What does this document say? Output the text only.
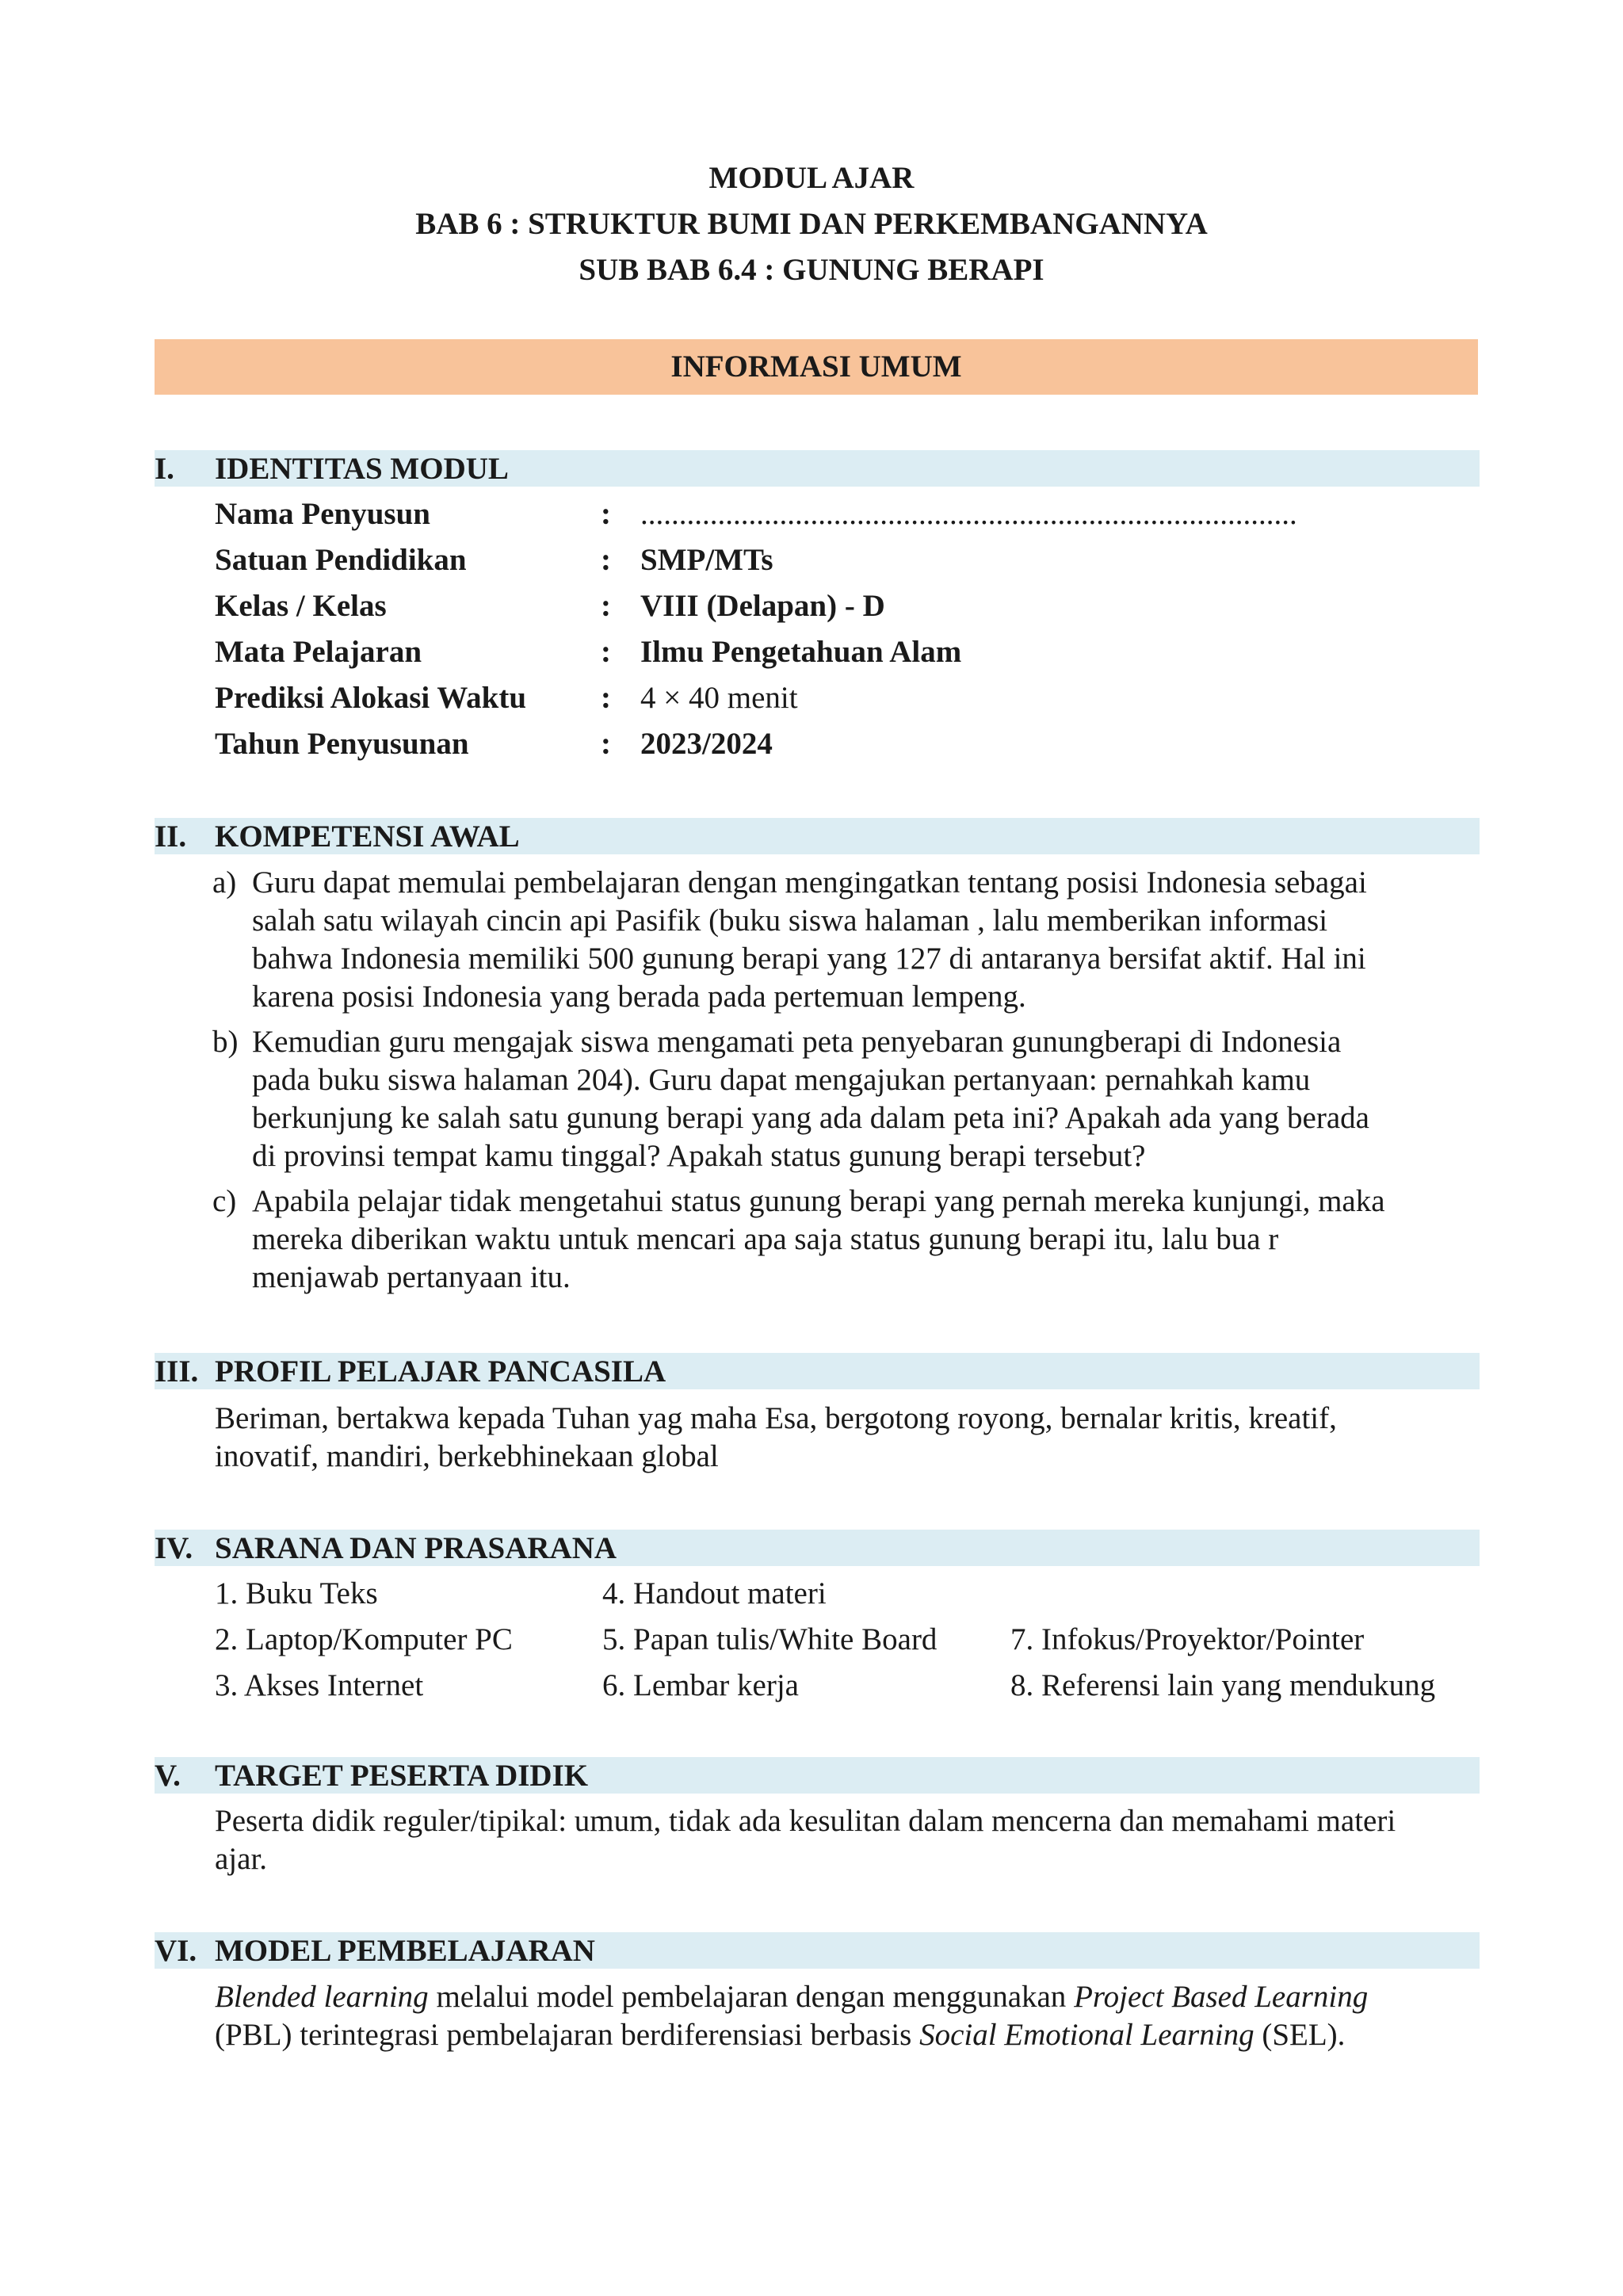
MODUL AJAR
BAB 6 : STRUKTUR BUMI DAN PERKEMBANGANNYA
SUB BAB 6.4 : GUNUNG BERAPI
INFORMASI UMUM
I. IDENTITAS MODUL
Nama Penyusun	: .....................................................................................
Satuan Pendidikan	: SMP/MTs
Kelas / Kelas	: VIII (Delapan) - D
Mata Pelajaran	: Ilmu Pengetahuan Alam
Prediksi Alokasi Waktu : 4 × 40 menit
Tahun Penyusunan	: 2023/2024
II. KOMPETENSI AWAL
a) Guru dapat memulai pembelajaran dengan mengingatkan tentang posisi Indonesia sebagai
salah satu wilayah cincin api Pasifik (buku siswa halaman , lalu memberikan informasi
bahwa Indonesia memiliki 500 gunung berapi yang 127 di antaranya bersifat aktif. Hal ini
karena posisi Indonesia yang berada pada pertemuan lempeng.
b) Kemudian guru mengajak siswa mengamati peta penyebaran gunungberapi di Indonesia
pada buku siswa halaman 204). Guru dapat mengajukan pertanyaan: pernahkah kamu
berkunjung ke salah satu gunung berapi yang ada dalam peta ini? Apakah ada yang berada
di provinsi tempat kamu tinggal? Apakah status gunung berapi tersebut?
c) Apabila pelajar tidak mengetahui status gunung berapi yang pernah mereka kunjungi, maka
mereka diberikan waktu untuk mencari apa saja status gunung berapi itu, lalu bua r
menjawab pertanyaan itu.
III. PROFIL PELAJAR PANCASILA
Beriman, bertakwa kepada Tuhan yag maha Esa, bergotong royong, bernalar kritis, kreatif,
inovatif, mandiri, berkebhinekaan global
IV. SARANA DAN PRASARANA
1. Buku Teks
2. Laptop/Komputer PC
3. Akses Internet
4. Handout materi
5. Papan tulis/White Board
6. Lembar kerja
7. Infokus/Proyektor/Pointer
8. Referensi lain yang mendukung
V. TARGET PESERTA DIDIK
Peserta didik reguler/tipikal: umum, tidak ada kesulitan dalam mencerna dan memahami materi
ajar.
VI. MODEL PEMBELAJARAN
Blended learning melalui model pembelajaran dengan menggunakan Project Based Learning
(PBL) terintegrasi pembelajaran berdiferensiasi berbasis Social Emotional Learning (SEL).
